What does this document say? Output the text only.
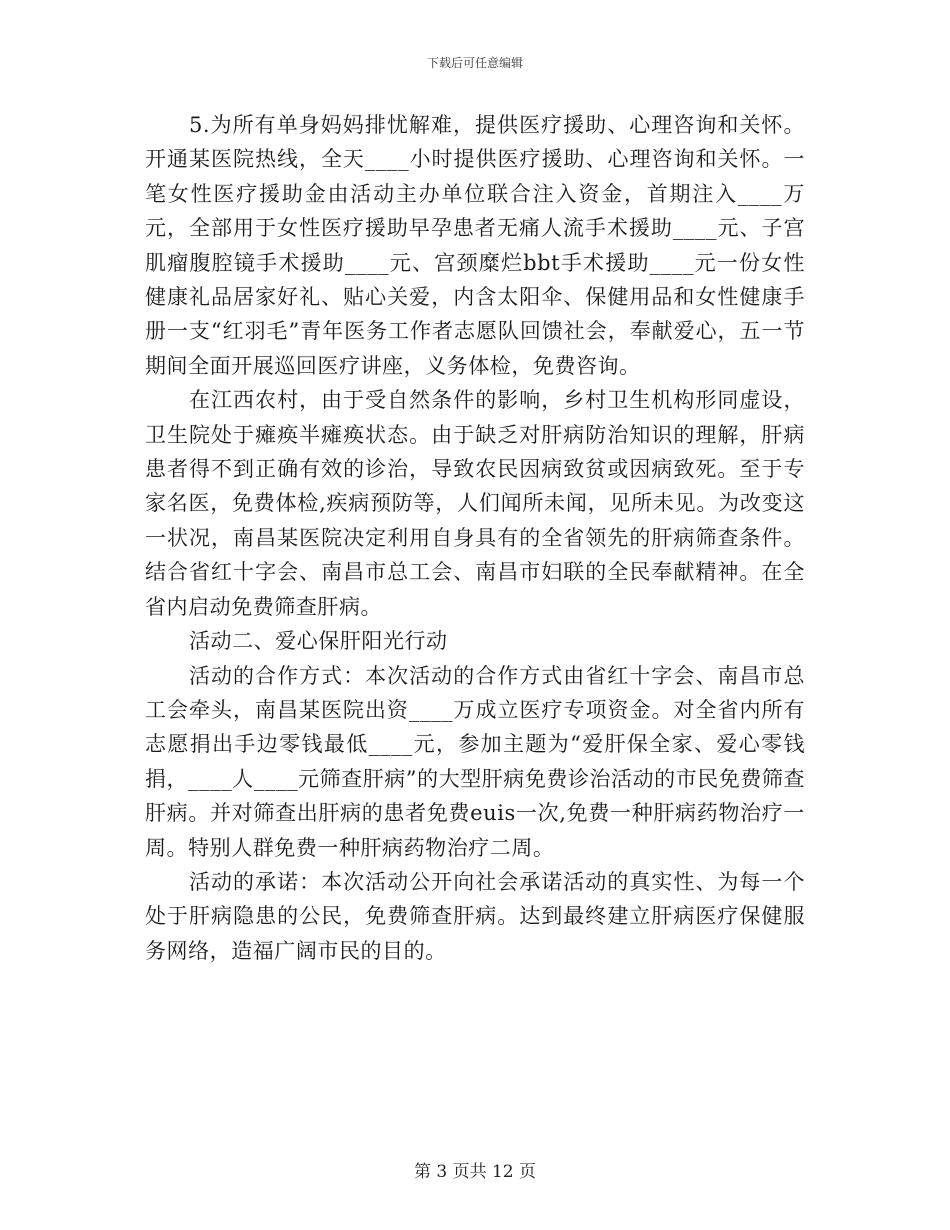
下载后可任意编辑

5.为所有单身妈妈排忧解难，提供医疗援助、心理咨询和关怀。开通某医院热线，全天____小时提供医疗援助、心理咨询和关怀。一笔女性医疗援助金由活动主办单位联合注入资金，首期注入____万元，全部用于女性医疗援助早孕患者无痛人流手术援助____元、子宫肌瘤腹腔镜手术援助____元、宫颈糜烂bbt手术援助____元一份女性健康礼品居家好礼、贴心关爱，内含太阳伞、保健用品和女性健康手册一支“红羽毛”青年医务工作者志愿队回馈社会，奉献爱心，五一节期间全面开展巡回医疗讲座，义务体检，免费咨询。

在江西农村，由于受自然条件的影响，乡村卫生机构形同虚设，卫生院处于瘫痪半瘫痪状态。由于缺乏对肝病防治知识的理解，肝病患者得不到正确有效的诊治，导致农民因病致贫或因病致死。至于专家名医，免费体检,疾病预防等，人们闻所未闻，见所未见。为改变这一状况，南昌某医院决定利用自身具有的全省领先的肝病筛查条件。结合省红十字会、南昌市总工会、南昌市妇联的全民奉献精神。在全省内启动免费筛查肝病。

活动二、爱心保肝阳光行动

活动的合作方式：本次活动的合作方式由省红十字会、南昌市总工会牵头，南昌某医院出资____万成立医疗专项资金。对全省内所有志愿捐出手边零钱最低____元，参加主题为“爱肝保全家、爱心零钱捐，____人____元筛查肝病”的大型肝病免费诊治活动的市民免费筛查肝病。并对筛查出肝病的患者免费euis一次,免费一种肝病药物治疗一周。特别人群免费一种肝病药物治疗二周。

活动的承诺：本次活动公开向社会承诺活动的真实性、为每一个处于肝病隐患的公民，免费筛查肝病。达到最终建立肝病医疗保健服务网络，造福广阔市民的目的。

第 3 页共 12 页
